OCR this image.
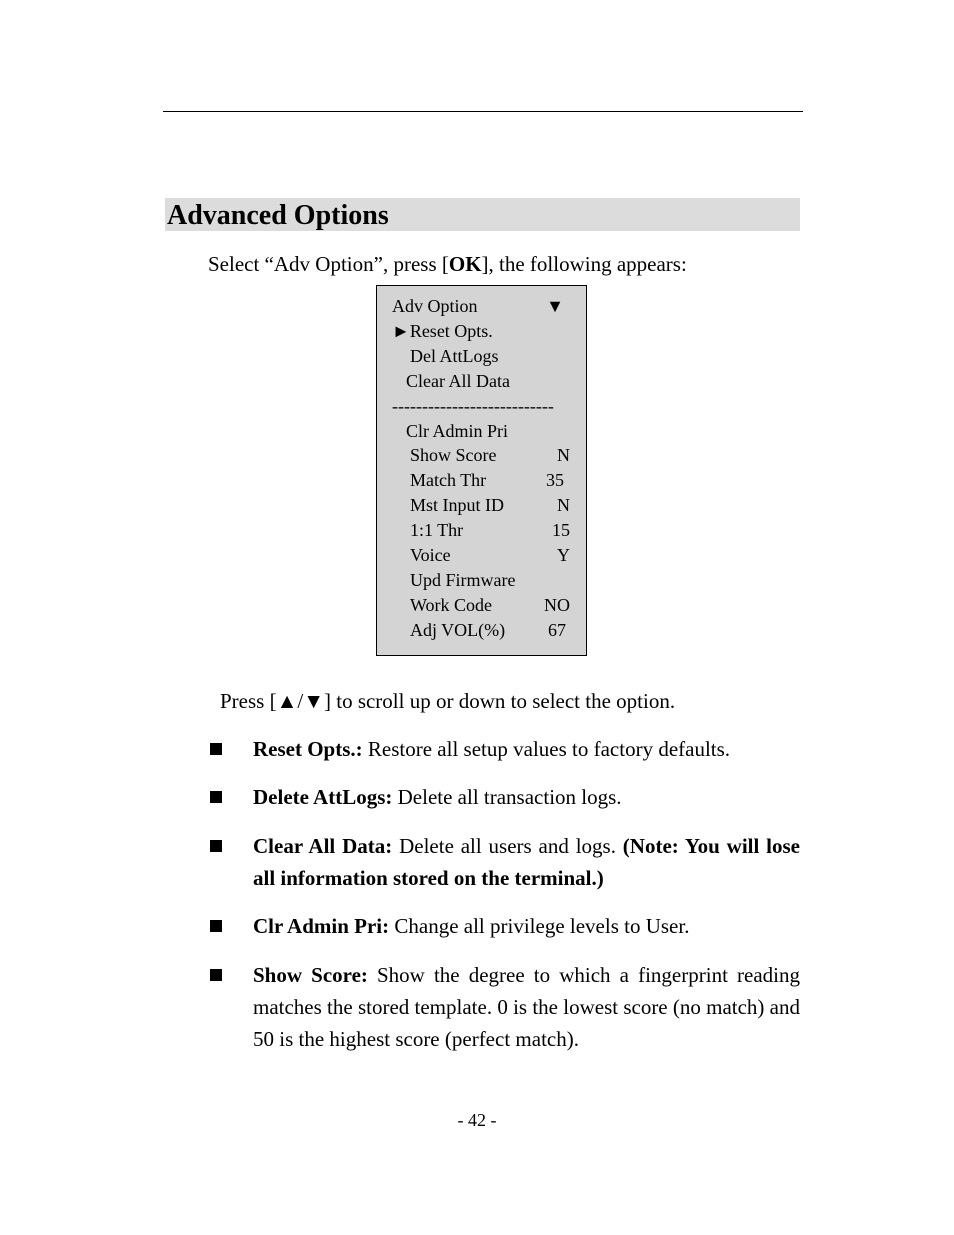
Advanced Options
Select “Adv Option”, press [OK], the following appears:
Adv Option	▼
►Reset Opts.
Del AttLogs
Clear All Data
---------------------------
Clr Admin Pri
Show Score	N
Match Thr	35
Mst Input ID	N
1:1 Thr	15
Voice	Y
Upd Firmware
Work Code	NO
Adj VOL(%) 67
Press [▲/▼] to scroll up or down to select the option.
Reset Opts.: Restore all setup values to factory defaults.
Delete AttLogs: Delete all transaction logs.
Clear All Data: Delete all users and logs. (Note: You will lose all information stored on the terminal.)
Clr Admin Pri: Change all privilege levels to User.
Show Score: Show the degree to which a fingerprint reading matches the stored template. 0 is the lowest score (no match) and 50 is the highest score (perfect match).
- 42 -
